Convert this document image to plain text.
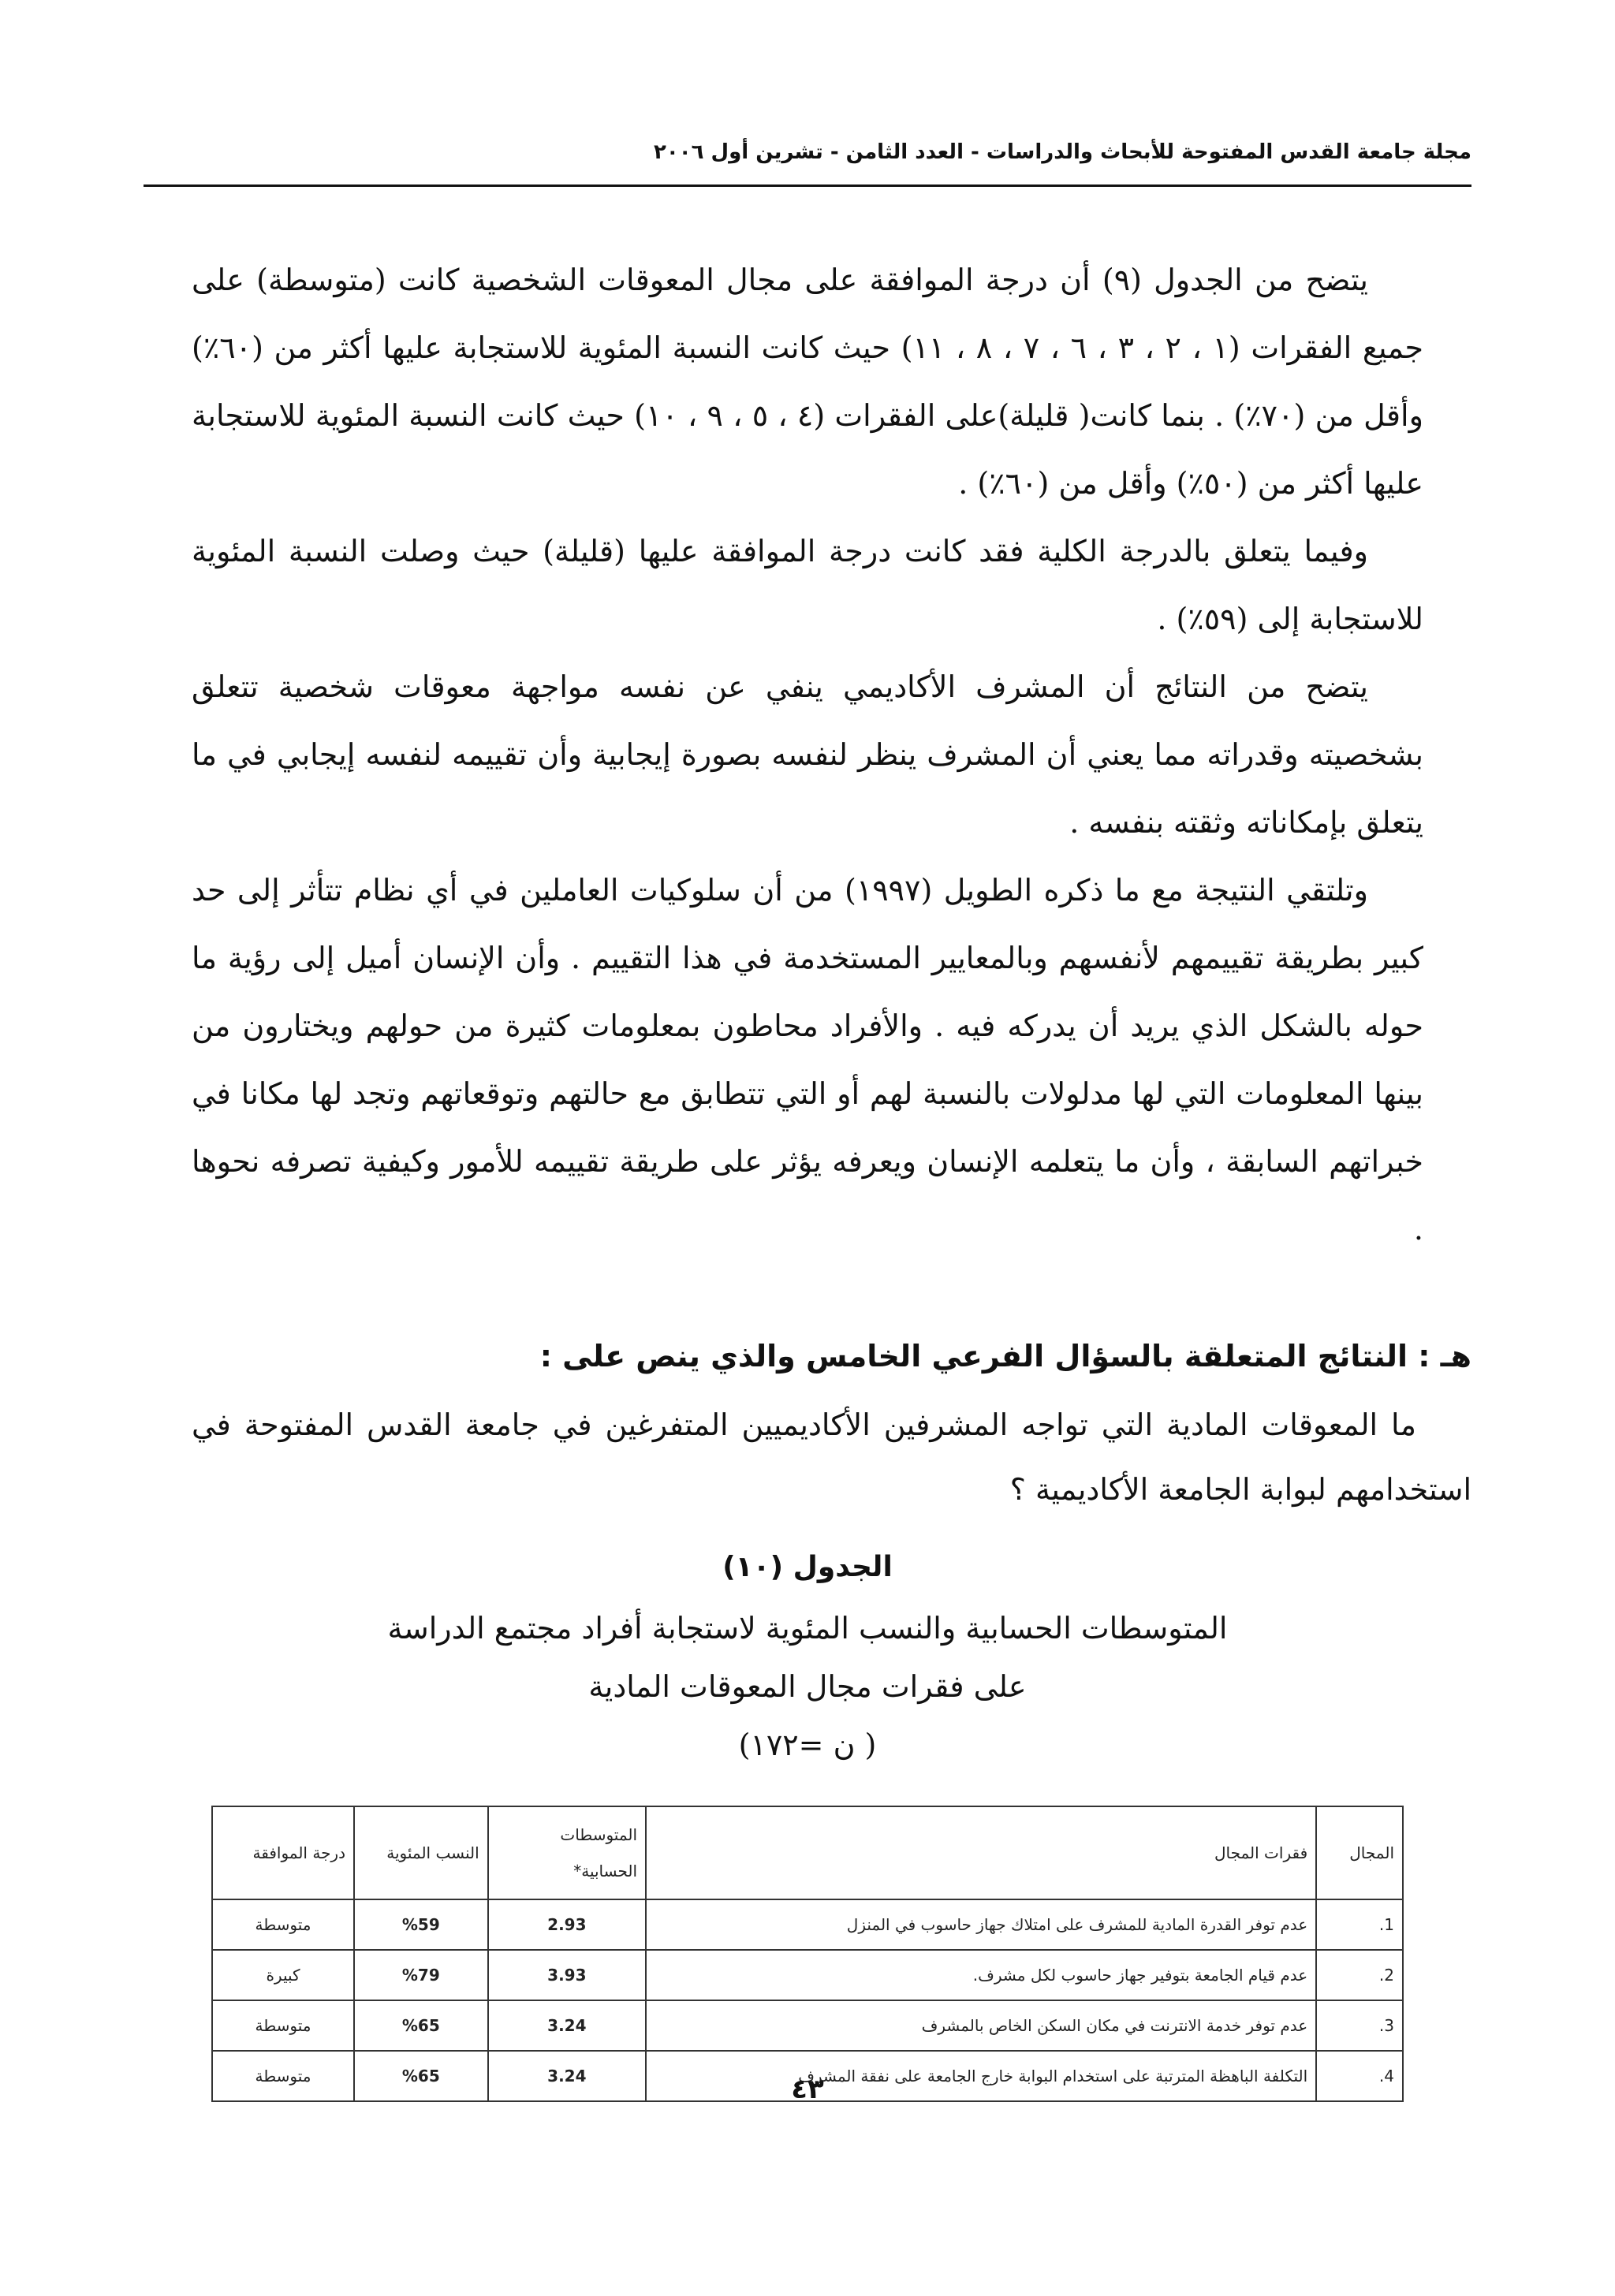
مجلة جامعة القدس المفتوحة للأبحاث والدراسات - العدد الثامن - تشرين أول ٢٠٠٦

يتضح من الجدول (٩) أن درجة الموافقة على مجال المعوقات الشخصية كانت (متوسطة) على جميع الفقرات (١ ، ٢ ، ٣ ، ٦ ، ٧ ، ٨ ، ١١) حيث كانت النسبة المئوية للاستجابة عليها أكثر من (٦٠٪) وأقل من (٧٠٪) . بنما كانت( قليلة)على الفقرات (٤ ، ٥ ، ٩ ، ١٠) حيث كانت النسبة المئوية للاستجابة عليها أكثر من (٥٠٪) وأقل من (٦٠٪) .

وفيما يتعلق بالدرجة الكلية فقد كانت درجة الموافقة عليها (قليلة) حيث وصلت النسبة المئوية للاستجابة إلى (٥٩٪) .

يتضح من النتائج أن المشرف الأكاديمي ينفي عن نفسه مواجهة معوقات شخصية تتعلق بشخصيته وقدراته مما يعني أن المشرف ينظر لنفسه بصورة إيجابية وأن تقييمه لنفسه إيجابي في ما يتعلق بإمكاناته وثقته بنفسه .

وتلتقي النتيجة مع ما ذكره الطويل (١٩٩٧) من أن سلوكيات العاملين في أي نظام تتأثر إلى حد كبير بطريقة تقييمهم لأنفسهم وبالمعايير المستخدمة في هذا التقييم . وأن الإنسان أميل إلى رؤية ما حوله بالشكل الذي يريد أن يدركه فيه . والأفراد محاطون بمعلومات كثيرة من حولهم ويختارون من بينها المعلومات التي لها مدلولات بالنسبة لهم أو التي تتطابق مع حالتهم وتوقعاتهم وتجد لها مكانا في خبراتهم السابقة ، وأن ما يتعلمه الإنسان ويعرفه يؤثر على طريقة تقييمه للأمور وكيفية تصرفه نحوها .

هـ : النتائج المتعلقة بالسؤال الفرعي الخامس والذي ينص على :
ما المعوقات المادية التي تواجه المشرفين الأكاديميين المتفرغين في جامعة القدس المفتوحة في استخدامهم لبوابة الجامعة الأكاديمية ؟
الجدول (١٠)
المتوسطات الحسابية والنسب المئوية لاستجابة أفراد مجتمع الدراسة
على فقرات مجال المعوقات المادية
( ن =١٧٢)
المجال	فقرات المجال	المتوسطات الحسابية*	النسب المئوية	درجة الموافقة
1.	عدم توفر القدرة المادية للمشرف على امتلاك جهاز حاسوب في المنزل	2.93	%59	متوسطة
2.	عدم قيام الجامعة بتوفير جهاز حاسوب لكل مشرف.	3.93	%79	كبيرة
3.	عدم توفر خدمة الانترنت في مكان السكن الخاص بالمشرف	3.24	%65	متوسطة
4.	التكلفة الباهظة المترتبة على استخدام البوابة خارج الجامعة على نفقة المشرف	3.24	%65	متوسطة	٤٣
